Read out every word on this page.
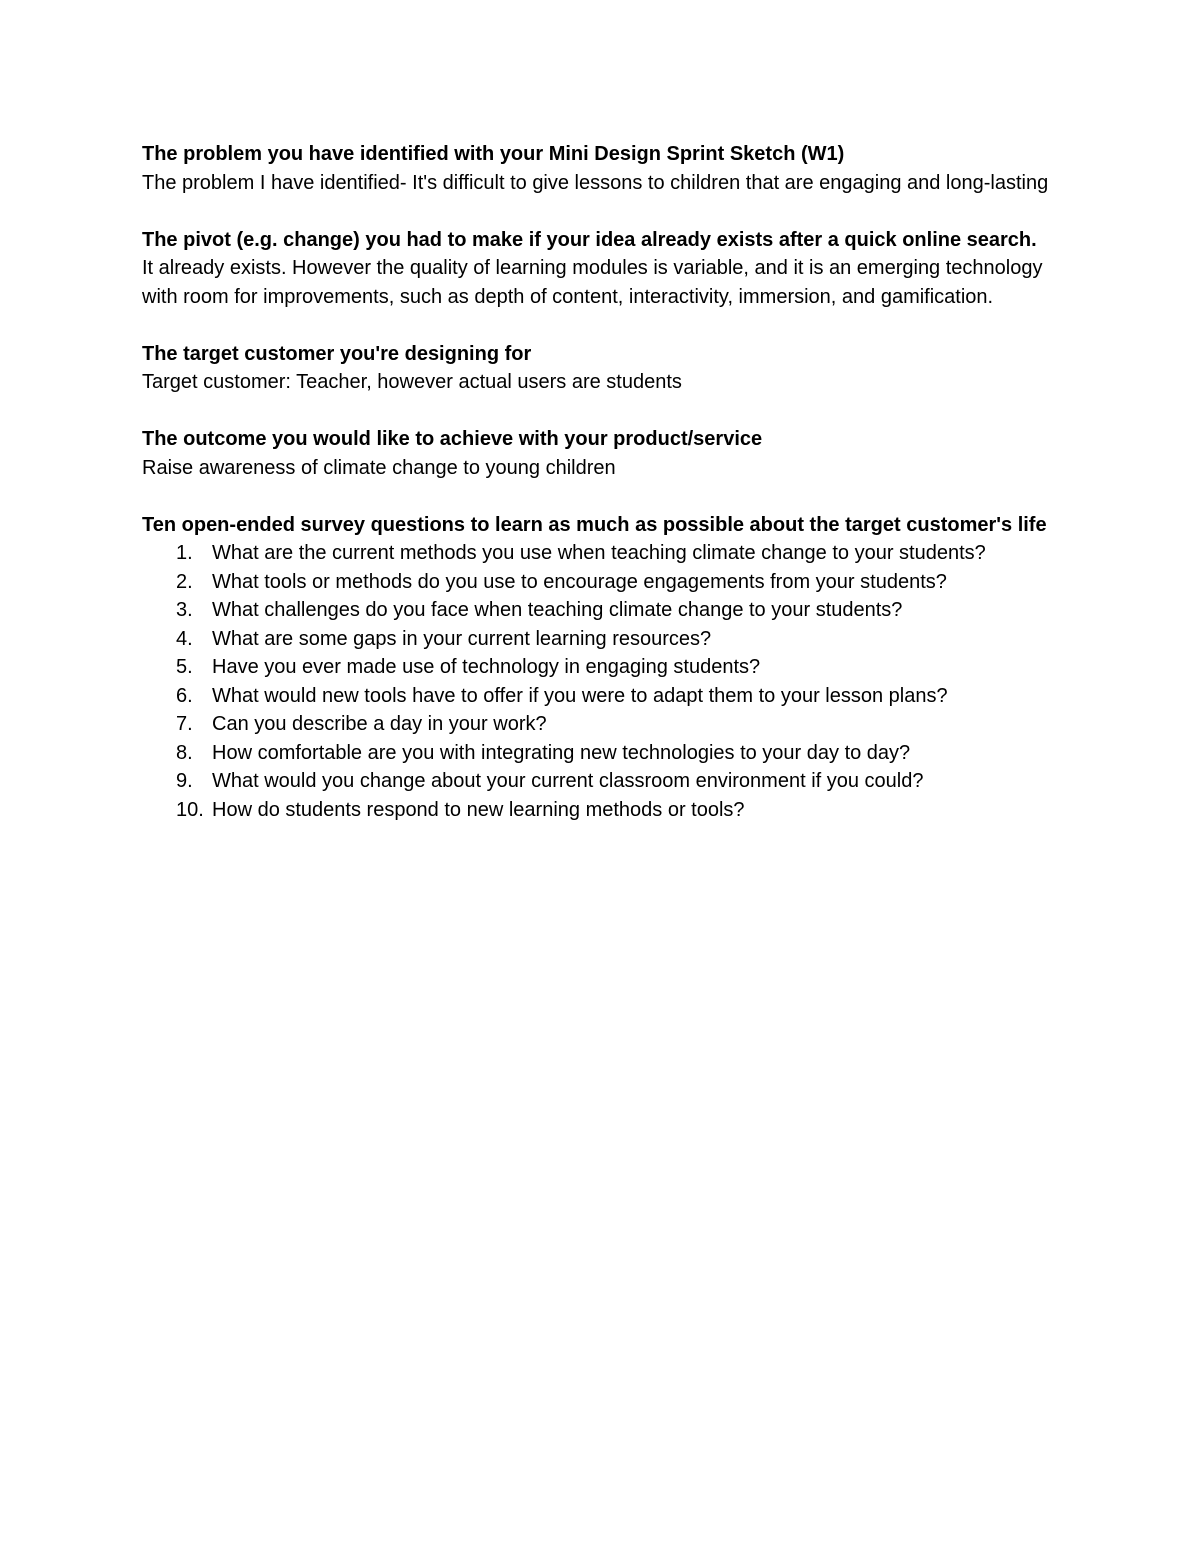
The problem you have identified with your Mini Design Sprint Sketch (W1)

The problem I have identified- It's difficult to give lessons to children that are engaging and long-lasting

The pivot (e.g. change) you had to make if your idea already exists after a quick online search.

It already exists. However the quality of learning modules is variable, and it is an emerging technology with room for improvements, such as depth of content, interactivity, immersion, and gamification.

The target customer you're designing for

Target customer: Teacher, however actual users are students

The outcome you would like to achieve with your product/service

Raise awareness of climate change to young children

Ten open-ended survey questions to learn as much as possible about the target customer's life

1. What are the current methods you use when teaching climate change to your students?
2. What tools or methods do you use to encourage engagements from your students?
3. What challenges do you face when teaching climate change to your students?
4. What are some gaps in your current learning resources?
5. Have you ever made use of technology in engaging students?
6. What would new tools have to offer if you were to adapt them to your lesson plans?
7. Can you describe a day in your work?
8. How comfortable are you with integrating new technologies to your day to day?
9. What would you change about your current classroom environment if you could?
10. How do students respond to new learning methods or tools?
